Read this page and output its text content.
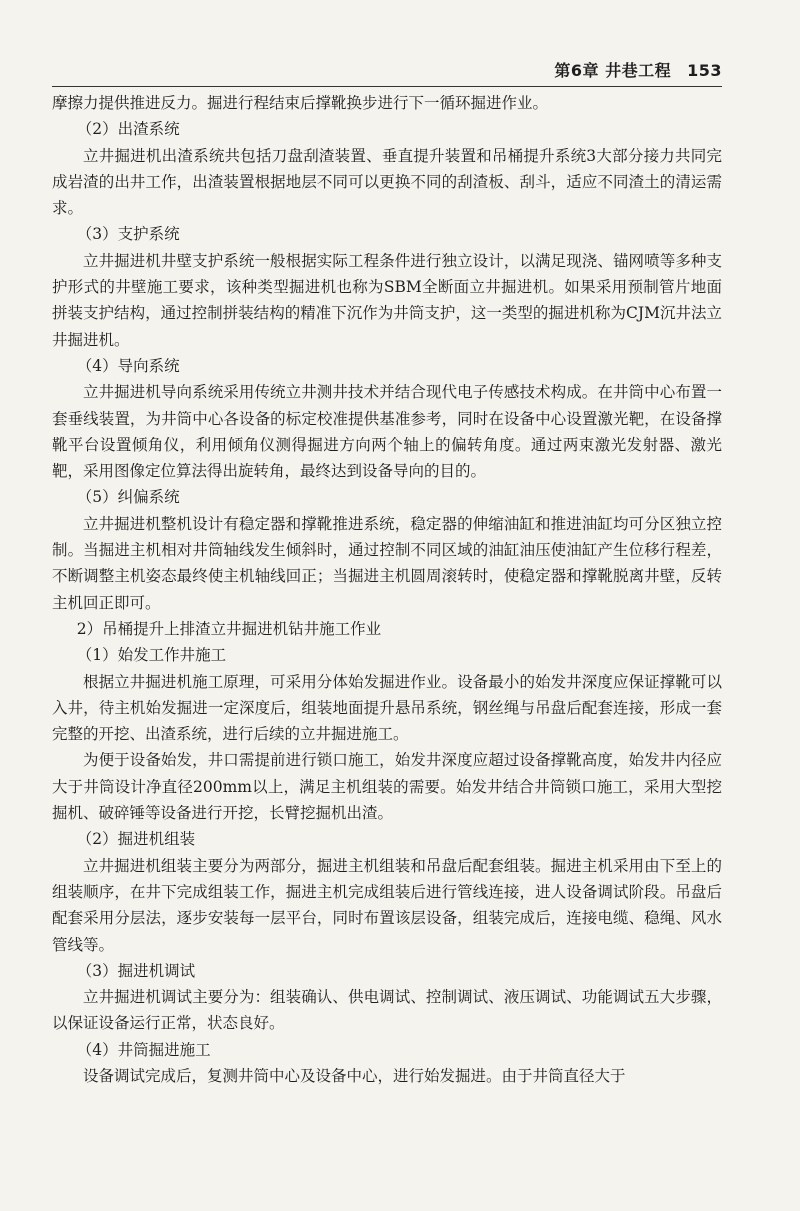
第6章 井巷工程 153

摩擦力提供推进反力。掘进行程结束后撑靴换步进行下一循环掘进作业。

（2）出渣系统

立井掘进机出渣系统共包括刀盘刮渣装置、垂直提升装置和吊桶提升系统3大部分接力共同完成岩渣的出井工作，出渣装置根据地层不同可以更换不同的刮渣板、刮斗，适应不同渣土的清运需求。

（3）支护系统

立井掘进机井壁支护系统一般根据实际工程条件进行独立设计，以满足现浇、锚网喷等多种支护形式的井壁施工要求，该种类型掘进机也称为SBM全断面立井掘进机。如果采用预制管片地面拼装支护结构，通过控制拼装结构的精准下沉作为井筒支护，这一类型的掘进机称为CJM沉井法立井掘进机。

（4）导向系统

立井掘进机导向系统采用传统立井测井技术并结合现代电子传感技术构成。在井筒中心布置一套垂线装置，为井筒中心各设备的标定校准提供基准参考，同时在设备中心设置激光靶，在设备撑靴平台设置倾角仪，利用倾角仪测得掘进方向两个轴上的偏转角度。通过两束激光发射器、激光靶，采用图像定位算法得出旋转角，最终达到设备导向的目的。

（5）纠偏系统

立井掘进机整机设计有稳定器和撑靴推进系统，稳定器的伸缩油缸和推进油缸均可分区独立控制。当掘进主机相对井筒轴线发生倾斜时，通过控制不同区域的油缸油压使油缸产生位移行程差，不断调整主机姿态最终使主机轴线回正；当掘进主机圆周滚转时，使稳定器和撑靴脱离井壁，反转主机回正即可。

2）吊桶提升上排渣立井掘进机钻井施工作业

（1）始发工作井施工

根据立井掘进机施工原理，可采用分体始发掘进作业。设备最小的始发井深度应保证撑靴可以入井，待主机始发掘进一定深度后，组装地面提升悬吊系统，钢丝绳与吊盘后配套连接，形成一套完整的开挖、出渣系统，进行后续的立井掘进施工。

为便于设备始发，井口需提前进行锁口施工，始发井深度应超过设备撑靴高度，始发井内径应大于井筒设计净直径200mm以上，满足主机组装的需要。始发井结合井筒锁口施工，采用大型挖掘机、破碎锤等设备进行开挖，长臂挖掘机出渣。

（2）掘进机组装

立井掘进机组装主要分为两部分，掘进主机组装和吊盘后配套组装。掘进主机采用由下至上的组装顺序，在井下完成组装工作，掘进主机完成组装后进行管线连接，进人设备调试阶段。吊盘后配套采用分层法，逐步安装每一层平台，同时布置该层设备，组装完成后，连接电缆、稳绳、风水管线等。

（3）掘进机调试

立井掘进机调试主要分为：组装确认、供电调试、控制调试、液压调试、功能调试五大步骤，以保证设备运行正常，状态良好。

（4）井筒掘进施工

设备调试完成后，复测井筒中心及设备中心，进行始发掘进。由于井筒直径大于
